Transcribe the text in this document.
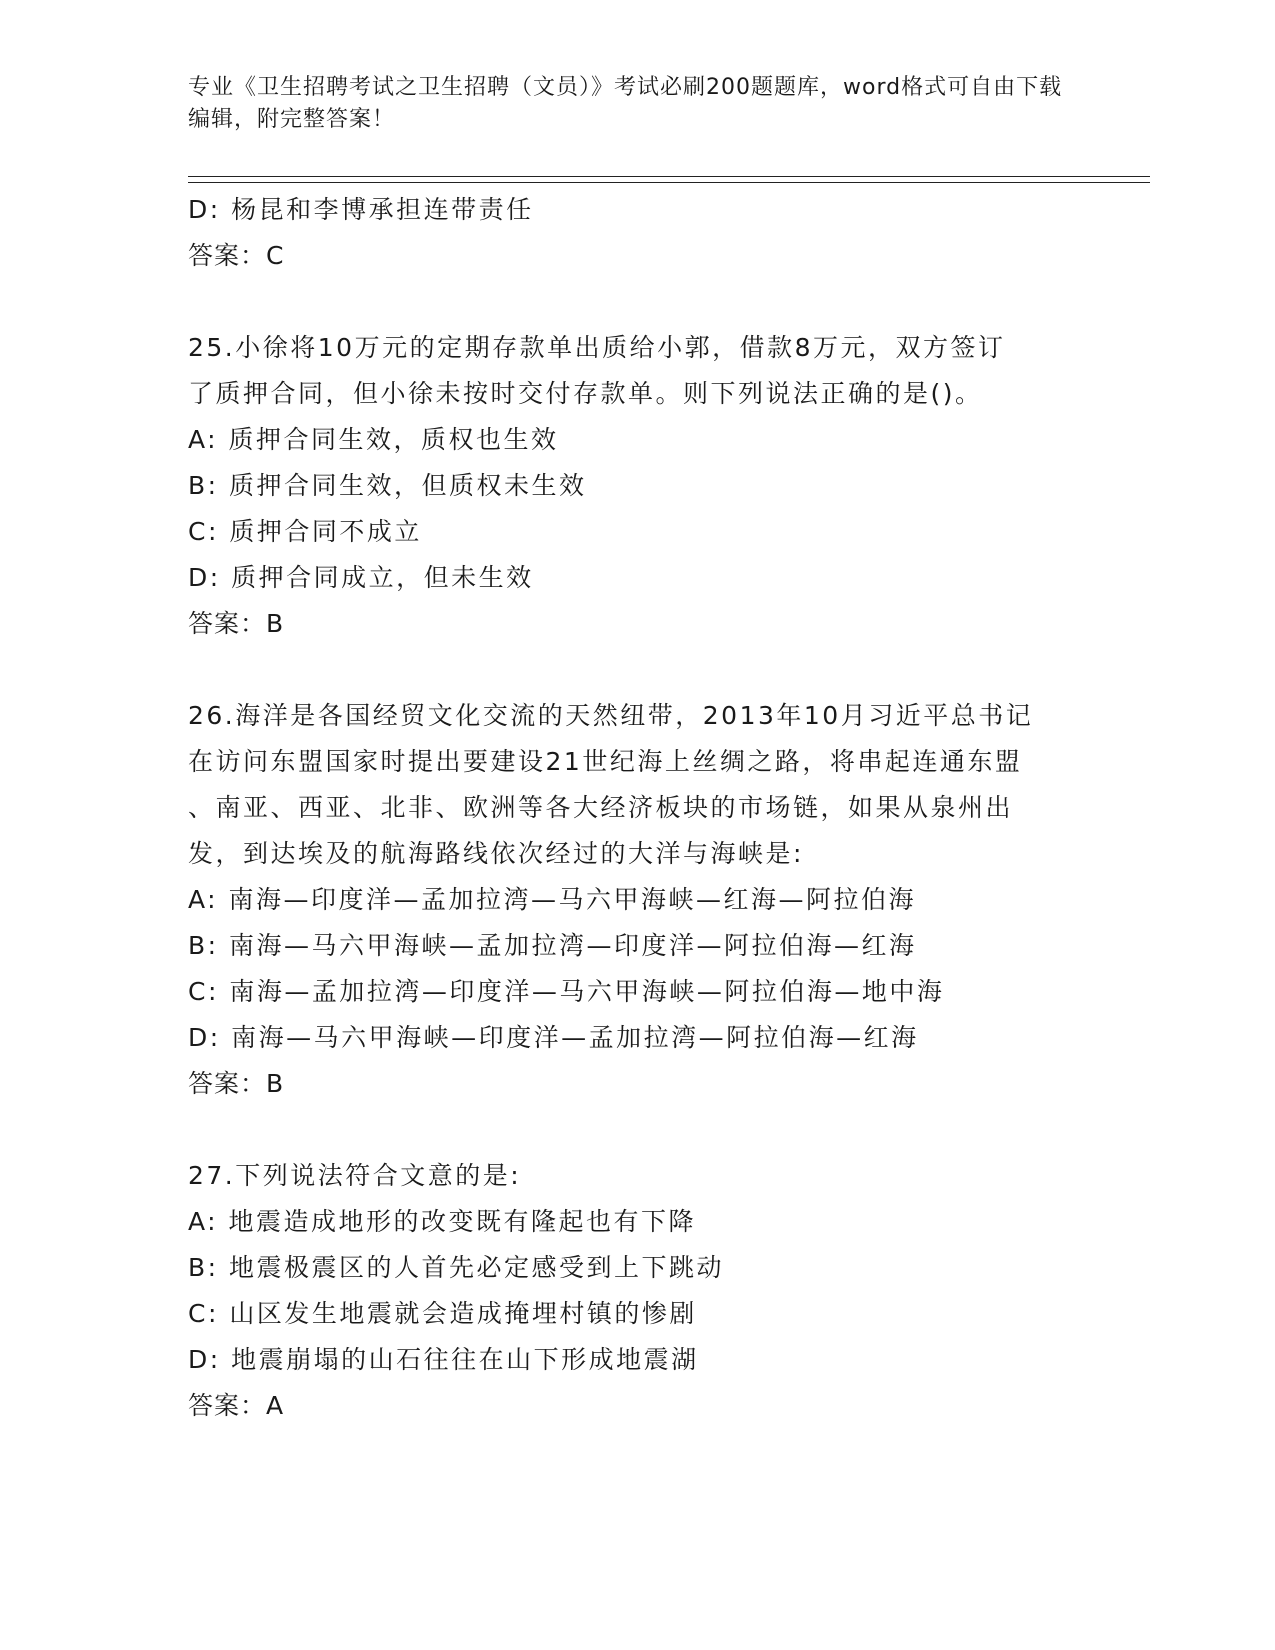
专业《卫生招聘考试之卫生招聘（文员）》考试必刷200题题库，word格式可自由下载编辑，附完整答案！
D: 杨昆和李博承担连带责任
答案：C
25.小徐将10万元的定期存款单出质给小郭，借款8万元，双方签订
了质押合同，但小徐未按时交付存款单。则下列说法正确的是()。
A: 质押合同生效，质权也生效
B: 质押合同生效，但质权未生效
C: 质押合同不成立
D: 质押合同成立，但未生效
答案：B
26.海洋是各国经贸文化交流的天然纽带，2013年10月习近平总书记
在访问东盟国家时提出要建设21世纪海上丝绸之路，将串起连通东盟
、南亚、西亚、北非、欧洲等各大经济板块的市场链，如果从泉州出
发，到达埃及的航海路线依次经过的大洋与海峡是:
A: 南海—印度洋—孟加拉湾—马六甲海峡—红海—阿拉伯海
B: 南海—马六甲海峡—孟加拉湾—印度洋—阿拉伯海—红海
C: 南海—孟加拉湾—印度洋—马六甲海峡—阿拉伯海—地中海
D: 南海—马六甲海峡—印度洋—孟加拉湾—阿拉伯海—红海
答案：B
27.下列说法符合文意的是:
A: 地震造成地形的改变既有隆起也有下降
B: 地震极震区的人首先必定感受到上下跳动
C: 山区发生地震就会造成掩埋村镇的惨剧
D: 地震崩塌的山石往往在山下形成地震湖
答案：A
